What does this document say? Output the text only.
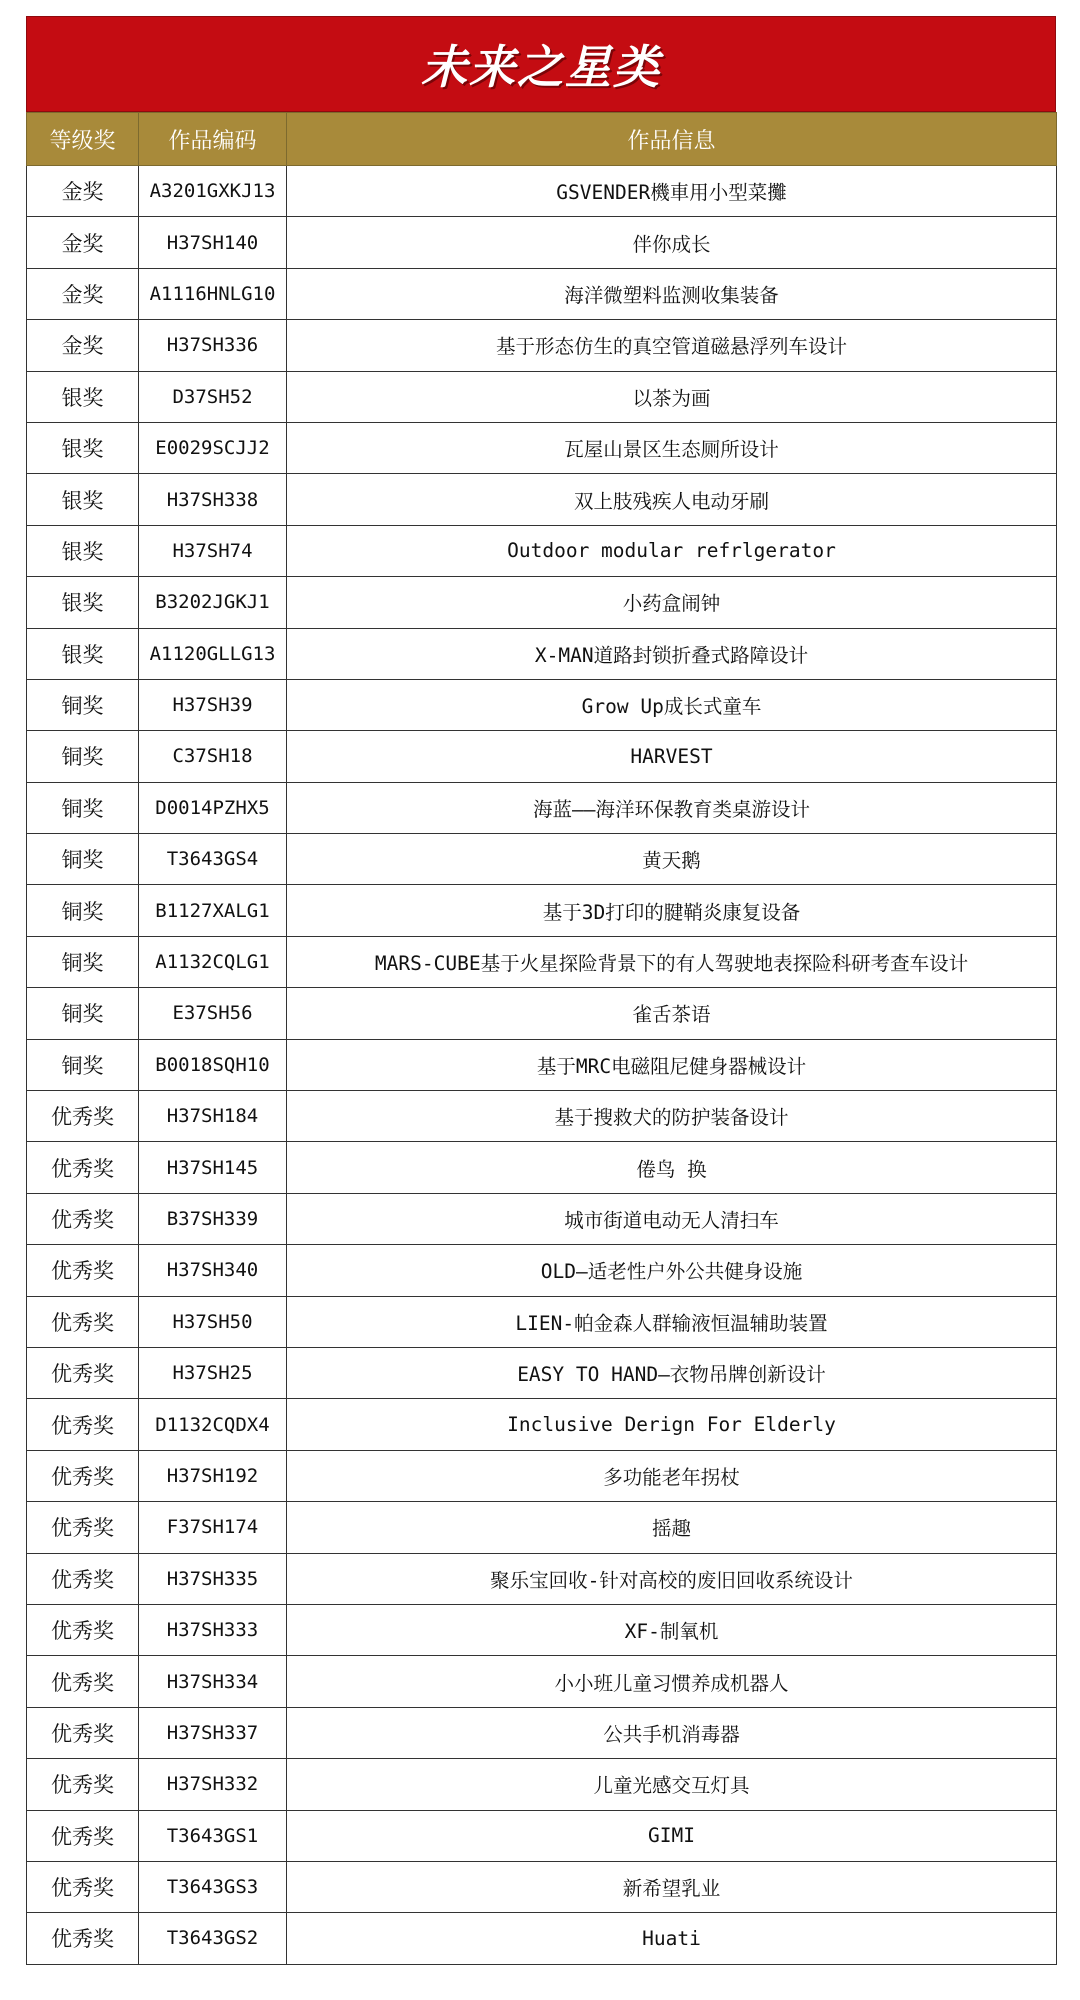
未来之星类
等级奖	作品编码	作品信息
金奖	A3201GXKJ13	GSVENDER機車用小型菜攤
金奖	H37SH140	伴你成长
金奖	A1116HNLG10	海洋微塑料监测收集装备
金奖	H37SH336	基于形态仿生的真空管道磁悬浮列车设计
银奖	D37SH52	以茶为画
银奖	E0029SCJJ2	瓦屋山景区生态厕所设计
银奖	H37SH338	双上肢残疾人电动牙刷
银奖	H37SH74	Outdoor modular refrlgerator
银奖	B3202JGKJ1	小药盒闹钟
银奖	A1120GLLG13	X-MAN道路封锁折叠式路障设计
铜奖	H37SH39	Grow Up成长式童车
铜奖	C37SH18	HARVEST
铜奖	D0014PZHX5	海蓝——海洋环保教育类桌游设计
铜奖	T3643GS4	黄天鹅
铜奖	B1127XALG1	基于3D打印的腱鞘炎康复设备
铜奖	A1132CQLG1	MARS-CUBE基于火星探险背景下的有人驾驶地表探险科研考查车设计
铜奖	E37SH56	雀舌茶语
铜奖	B0018SQH10	基于MRC电磁阻尼健身器械设计
优秀奖	H37SH184	基于搜救犬的防护装备设计
优秀奖	H37SH145	倦鸟 换
优秀奖	B37SH339	城市街道电动无人清扫车
优秀奖	H37SH340	OLD—适老性户外公共健身设施
优秀奖	H37SH50	LIEN-帕金森人群输液恒温辅助装置
优秀奖	H37SH25	EASY TO HAND—衣物吊牌创新设计
优秀奖	D1132CQDX4	Inclusive Derign For Elderly
优秀奖	H37SH192	多功能老年拐杖
优秀奖	F37SH174	摇趣
优秀奖	H37SH335	聚乐宝回收-针对高校的废旧回收系统设计
优秀奖	H37SH333	XF-制氧机
优秀奖	H37SH334	小小班儿童习惯养成机器人
优秀奖	H37SH337	公共手机消毒器
优秀奖	H37SH332	儿童光感交互灯具
优秀奖	T3643GS1	GIMI
优秀奖	T3643GS3	新希望乳业
优秀奖	T3643GS2	Huati
